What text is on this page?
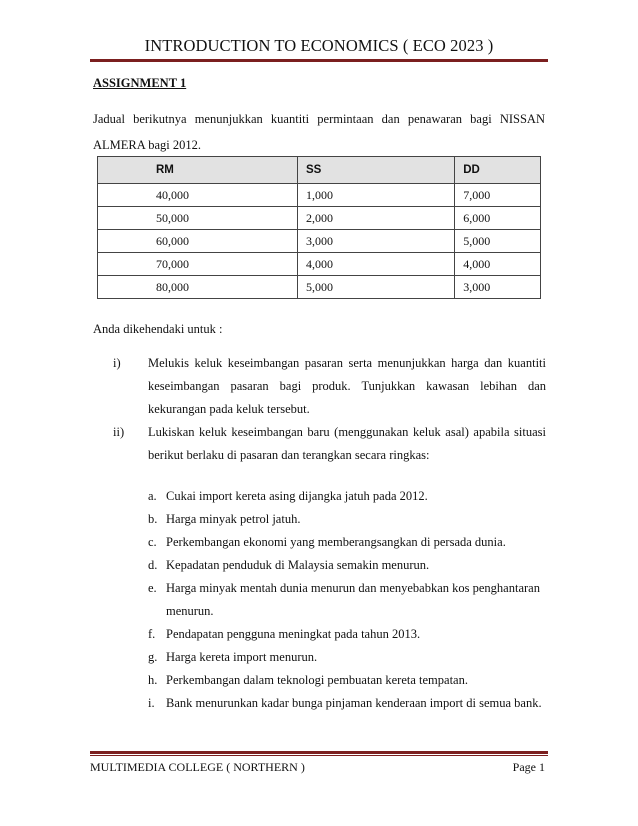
INTRODUCTION TO ECONOMICS ( ECO 2023 )
ASSIGNMENT 1
Jadual berikutnya menunjukkan kuantiti permintaan dan penawaran bagi NISSAN
ALMERA bagi 2012.
RM	SS	DD
40,000	1,000	7,000
50,000	2,000	6,000
60,000	3,000	5,000
70,000	4,000	4,000
80,000	5,000	3,000
Anda dikehendaki untuk :
i) Melukis keluk keseimbangan pasaran serta menunjukkan harga dan kuantiti
keseimbangan pasaran bagi produk. Tunjukkan kawasan lebihan dan
kekurangan pada keluk tersebut.
ii) Lukiskan keluk keseimbangan baru (menggunakan keluk asal) apabila situasi
berikut berlaku di pasaran dan terangkan secara ringkas:
a. Cukai import kereta asing dijangka jatuh pada 2012.
b. Harga minyak petrol jatuh.
c. Perkembangan ekonomi yang memberangsangkan di persada dunia.
d. Kepadatan penduduk di Malaysia semakin menurun.
e. Harga minyak mentah dunia menurun dan menyebabkan kos penghantaran
menurun.
f. Pendapatan pengguna meningkat pada tahun 2013.
g. Harga kereta import menurun.
h. Perkembangan dalam teknologi pembuatan kereta tempatan.
i. Bank menurunkan kadar bunga pinjaman kenderaan import di semua bank.
MULTIMEDIA COLLEGE ( NORTHERN )	Page 1
